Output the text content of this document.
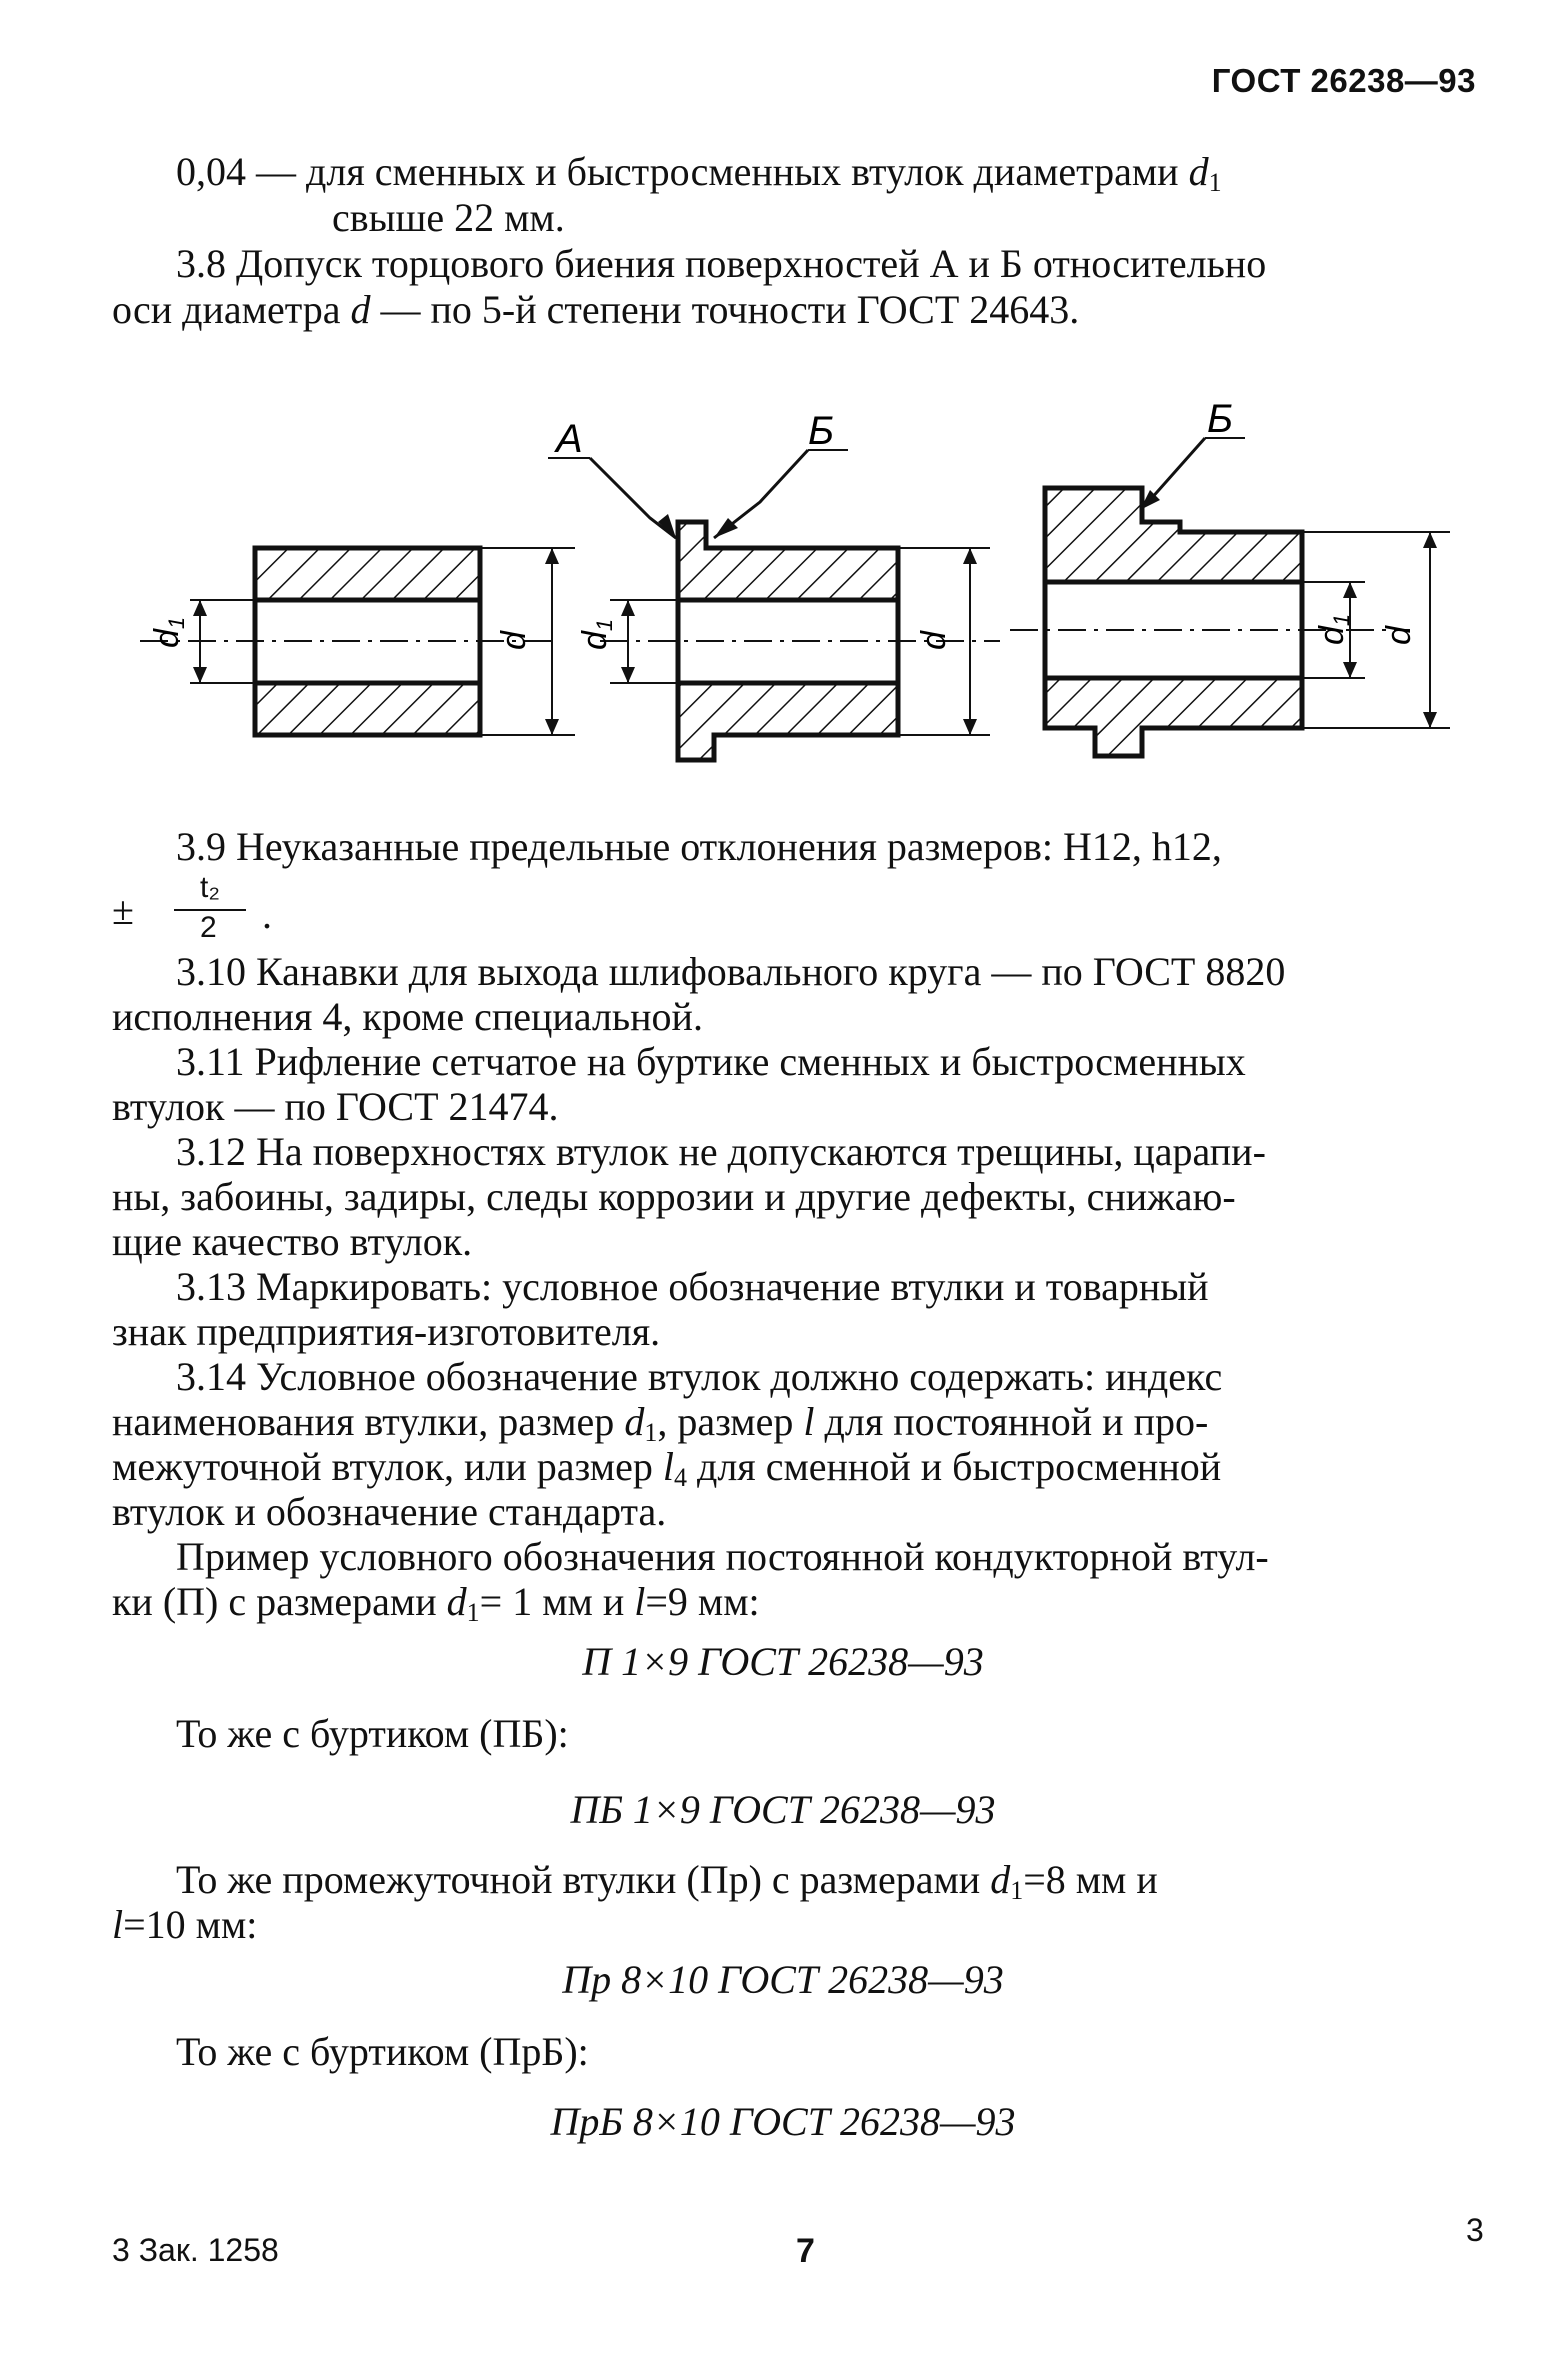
ГОСТ 26238—93
0,04 — для сменных и быстросменных втулок диаметрами $d_1$
свыше 22 мм.
3.8 Допуск торцового биения поверхностей А и Б относительно
оси диаметра d — по 5-й степени точности ГОСТ 24643.
d1
d d1
d
А	Б
d1
d
Б
3.9 Неуказанные предельные отклонения размеров: H12, h12,
±
t₂
2 .
3.10 Канавки для выхода шлифовального круга — по ГОСТ 8820
исполнения 4, кроме специальной.
3.11 Рифление сетчатое на буртике сменных и быстросменных
втулок — по ГОСТ 21474.
3.12 На поверхностях втулок не допускаются трещины, царапи-
ны, забоины, задиры, следы коррозии и другие дефекты, снижаю-
щие качество втулок.
3.13 Маркировать: условное обозначение втулки и товарный
знак предприятия-изготовителя.
3.14 Условное обозначение втулок должно содержать: индекс
наименования втулки, размер $d_1$, размер l для постоянной и про-
межуточной втулок, или размер $l_4$ для сменной и быстросменной
втулок и обозначение стандарта.
Пример условного обозначения постоянной кондукторной втул-
ки (П) с размерами $d_1= 1$ мм и l=9 мм:
П 1×9 ГОСТ 26238—93
То же с буртиком (ПБ):
ПБ 1×9 ГОСТ 26238—93
То же промежуточной втулки (Пр) с размерами $d_1=8$ мм и
l=10 мм:
Пр 8×10 ГОСТ 26238—93
То же с буртиком (ПрБ):
ПрБ 8×10 ГОСТ 26238—93
3 Зак. 1258	7
3
